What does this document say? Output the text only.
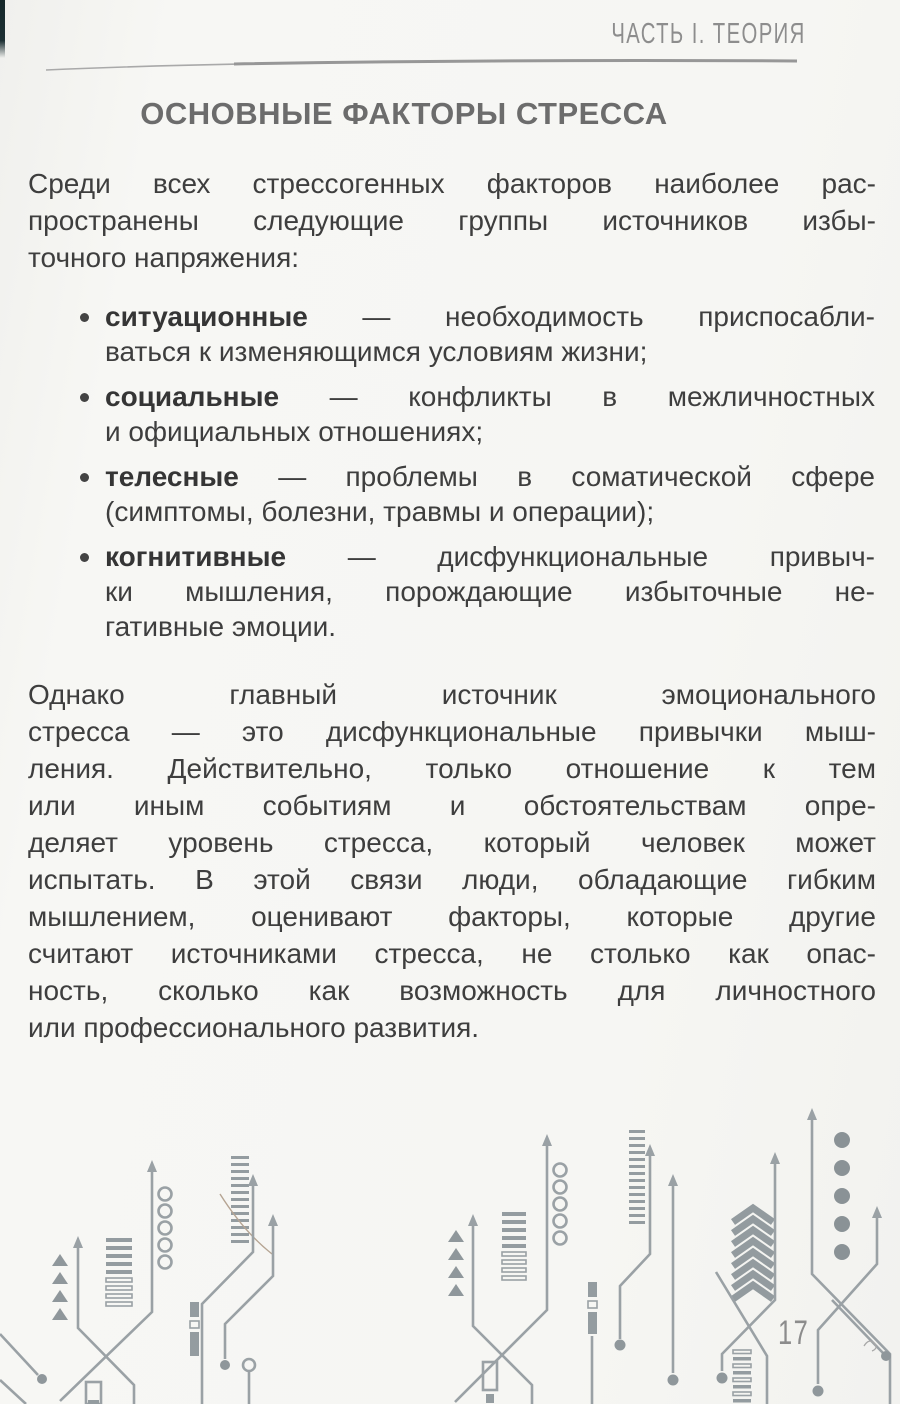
ЧАСТЬ I. ТЕОРИЯ
ОСНОВНЫЕ ФАКТОРЫ СТРЕССА
Среди всех стрессогенных факторов наиболее рас-
пространены следующие группы источников избы-
точного напряжения:
ситуационные — необходимость приспосабли-
ваться к изменяющимся условиям жизни;
социальные — конфликты в межличностных
и официальных отношениях;
телесные — проблемы в соматической сфере
(симптомы, болезни, травмы и операции);
когнитивные — дисфункциональные привыч-
ки мышления, порождающие избыточные не-
гативные эмоции.
Однако главный источник эмоционального
стресса — это дисфункциональные привычки мыш-
ления. Действительно, только отношение к тем
или иным событиям и обстоятельствам опре-
деляет уровень стресса, который человек может
испытать. В этой связи люди, обладающие гибким
мышлением, оценивают факторы, которые другие
считают источниками стресса, не столько как опас-
ность, сколько как возможность для личностного
или профессионального развития.
17
